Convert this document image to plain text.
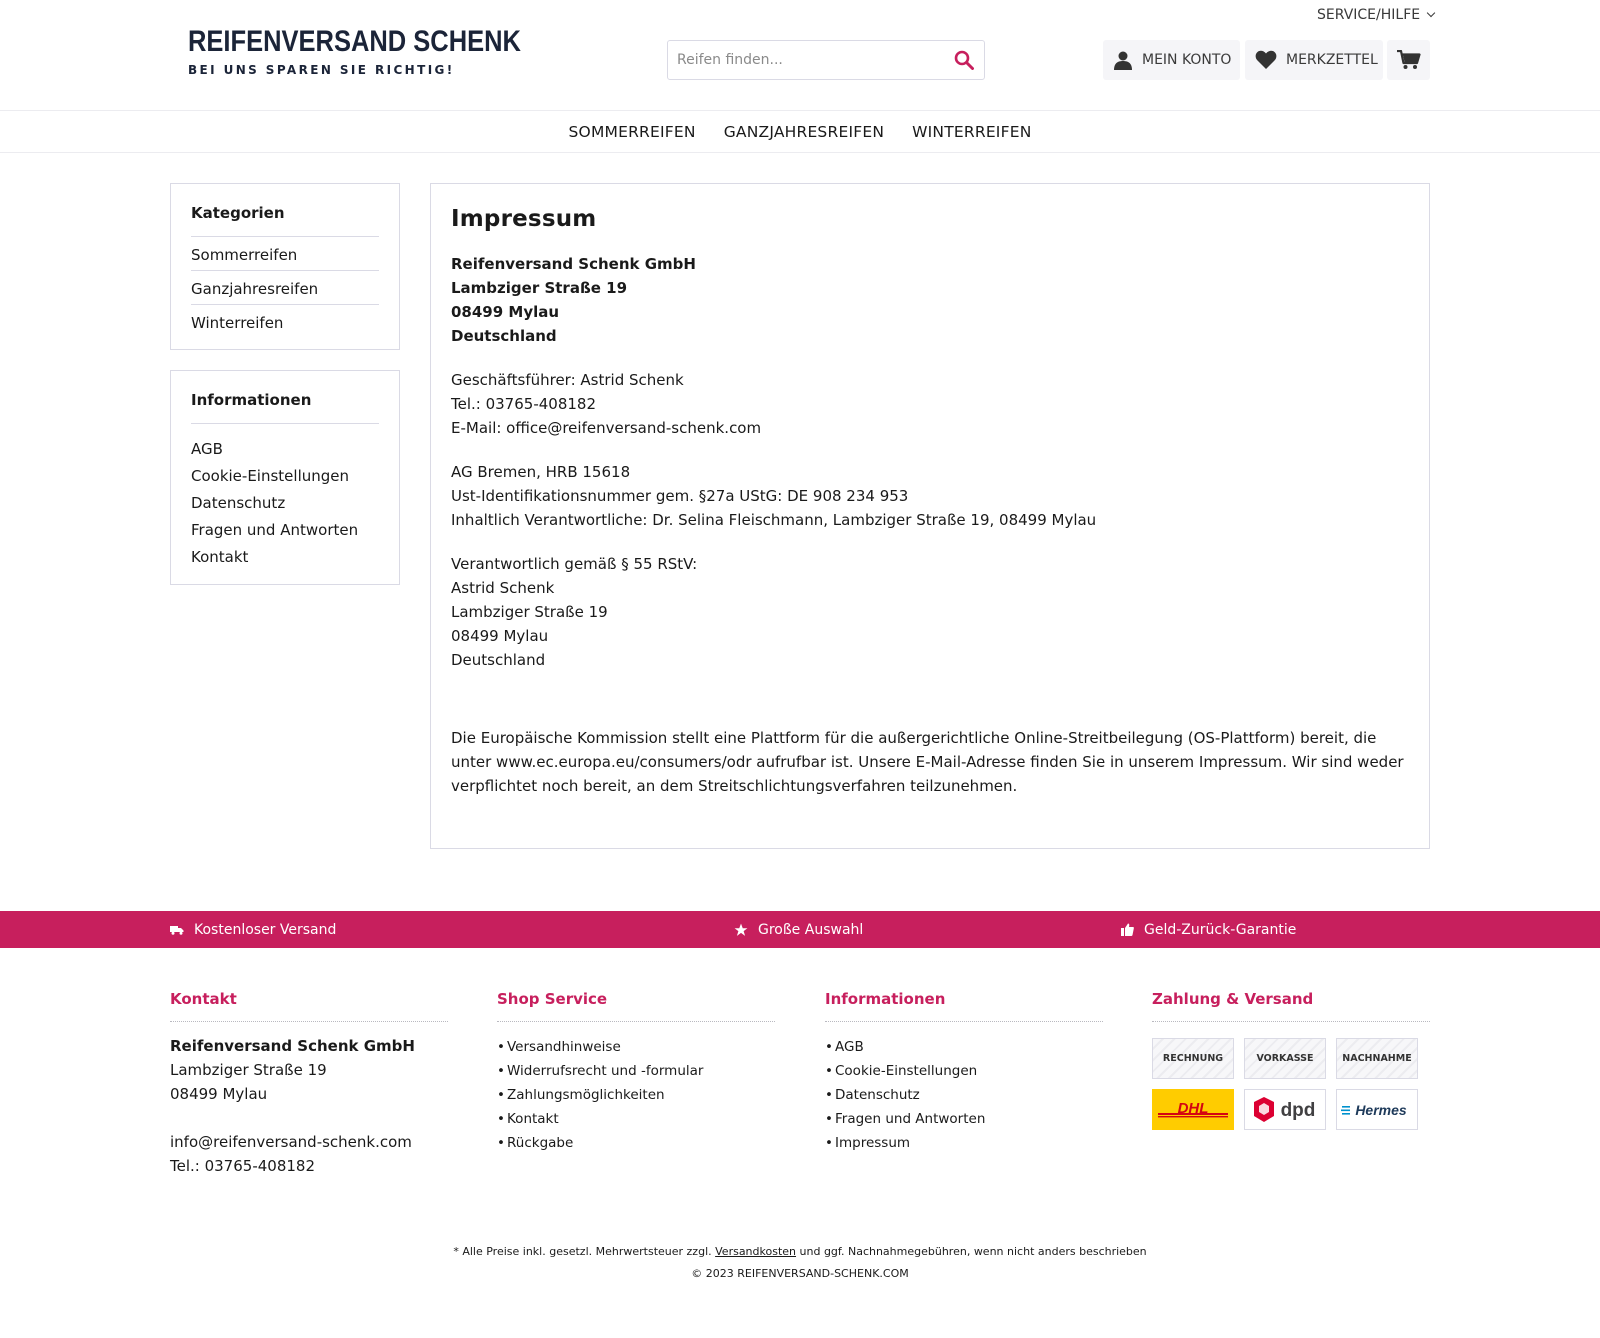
SERVICE/HILFE
REIFENVERSAND SCHENK
BEI UNS SPAREN SIE RICHTIG!
Reifen finden...
MEIN KONTO	MERKZETTEL
SOMMERREIFEN GANZJAHRESREIFEN WINTERREIFEN
Kategorien
Sommerreifen
Ganzjahresreifen
Winterreifen
Informationen
AGB
Cookie-Einstellungen
Datenschutz
Fragen und Antworten
Kontakt
Impressum

Reifenversand Schenk GmbH
Lambziger Straße 19
08499 Mylau
Deutschland

Geschäftsführer: Astrid Schenk
Tel.: 03765-408182
E-Mail: office@reifenversand-schenk.com

AG Bremen, HRB 15618
Ust-Identifikationsnummer gem. §27a UStG: DE 908 234 953
Inhaltlich Verantwortliche: Dr. Selina Fleischmann, Lambziger Straße 19, 08499 Mylau

Verantwortlich gemäß § 55 RStV:
Astrid Schenk
Lambziger Straße 19
08499 Mylau
Deutschland

Die Europäische Kommission stellt eine Plattform für die außergerichtliche Online-Streitbeilegung (OS-Plattform) bereit, die unter www.ec.europa.eu/consumers/odr aufrufbar ist. Unsere E-Mail-Adresse finden Sie in unserem Impressum. Wir sind weder verpflichtet noch bereit, an dem Streitschlichtungsverfahren teilzunehmen.

Kostenloser Versand	Große Auswahl	Geld-Zurück-Garantie
Kontakt
Reifenversand Schenk GmbH
Lambziger Straße 19
08499 Mylau
info@reifenversand-schenk.com
Tel.: 03765-408182
Shop Service
• Versandhinweise
• Widerrufsrecht und -formular
• Zahlungsmöglichkeiten
• Kontakt
• Rückgabe
Informationen
• AGB
• Cookie-Einstellungen
• Datenschutz
• Fragen und Antworten
• Impressum
Zahlung & Versand
RECHNUNG	VORKASSE	NACHNAHME
DHL	dpd	Hermes
* Alle Preise inkl. gesetzl. Mehrwertsteuer zzgl. Versandkosten und ggf. Nachnahmegebühren, wenn nicht anders beschrieben
© 2023 REIFENVERSAND-SCHENK.COM
